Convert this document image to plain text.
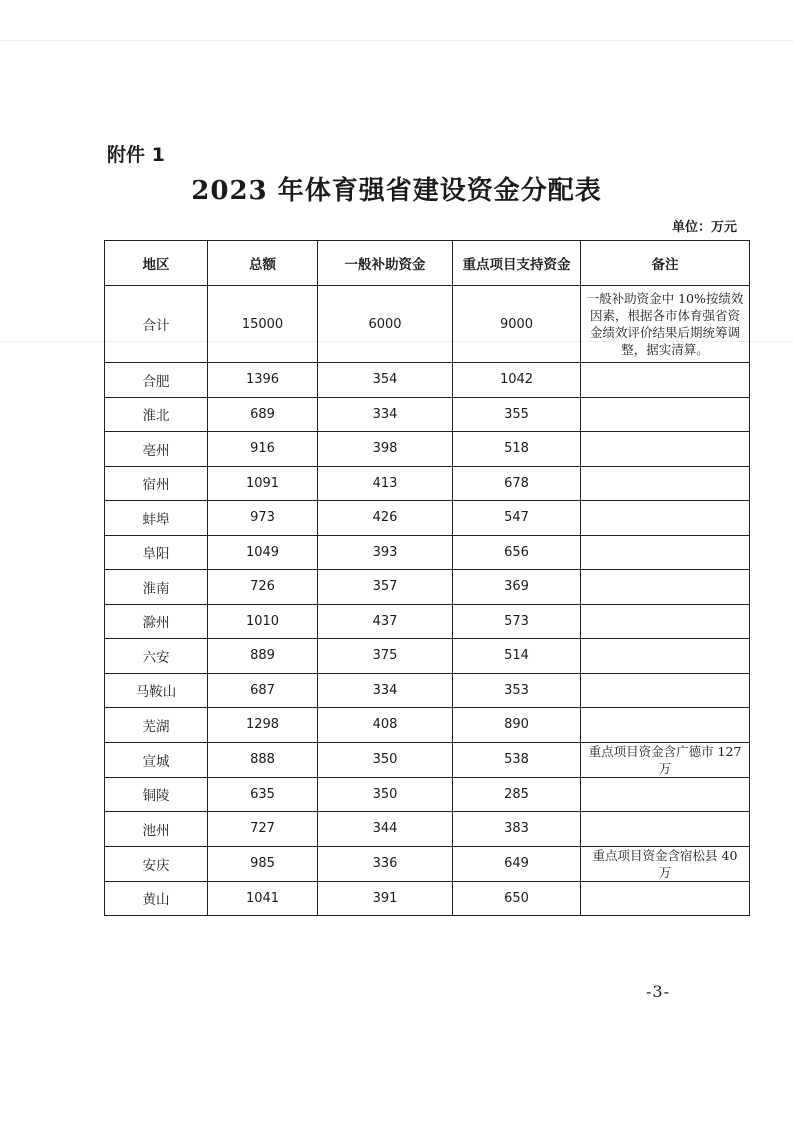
附件 1
2023 年体育强省建设资金分配表
单位：万元
地区	总额	一般补助资金	重点项目支持资金	备注
合计	15000	6000	9000	一般补助资金中 10%按绩效因素，根据各市体育强省资金绩效评价结果后期统筹调整，据实清算。
合肥	1396	354	1042	
淮北	689	334	355	
亳州	916	398	518	
宿州	1091	413	678	
蚌埠	973	426	547	
阜阳	1049	393	656	
淮南	726	357	369	
滁州	1010	437	573	
六安	889	375	514	
马鞍山	687	334	353	
芜湖	1298	408	890	
宣城	888	350	538	重点项目资金含广德市 127 万
铜陵	635	350	285	
池州	727	344	383	
安庆	985	336	649	重点项目资金含宿松县 40 万
黄山	1041	391	650	
-3-
